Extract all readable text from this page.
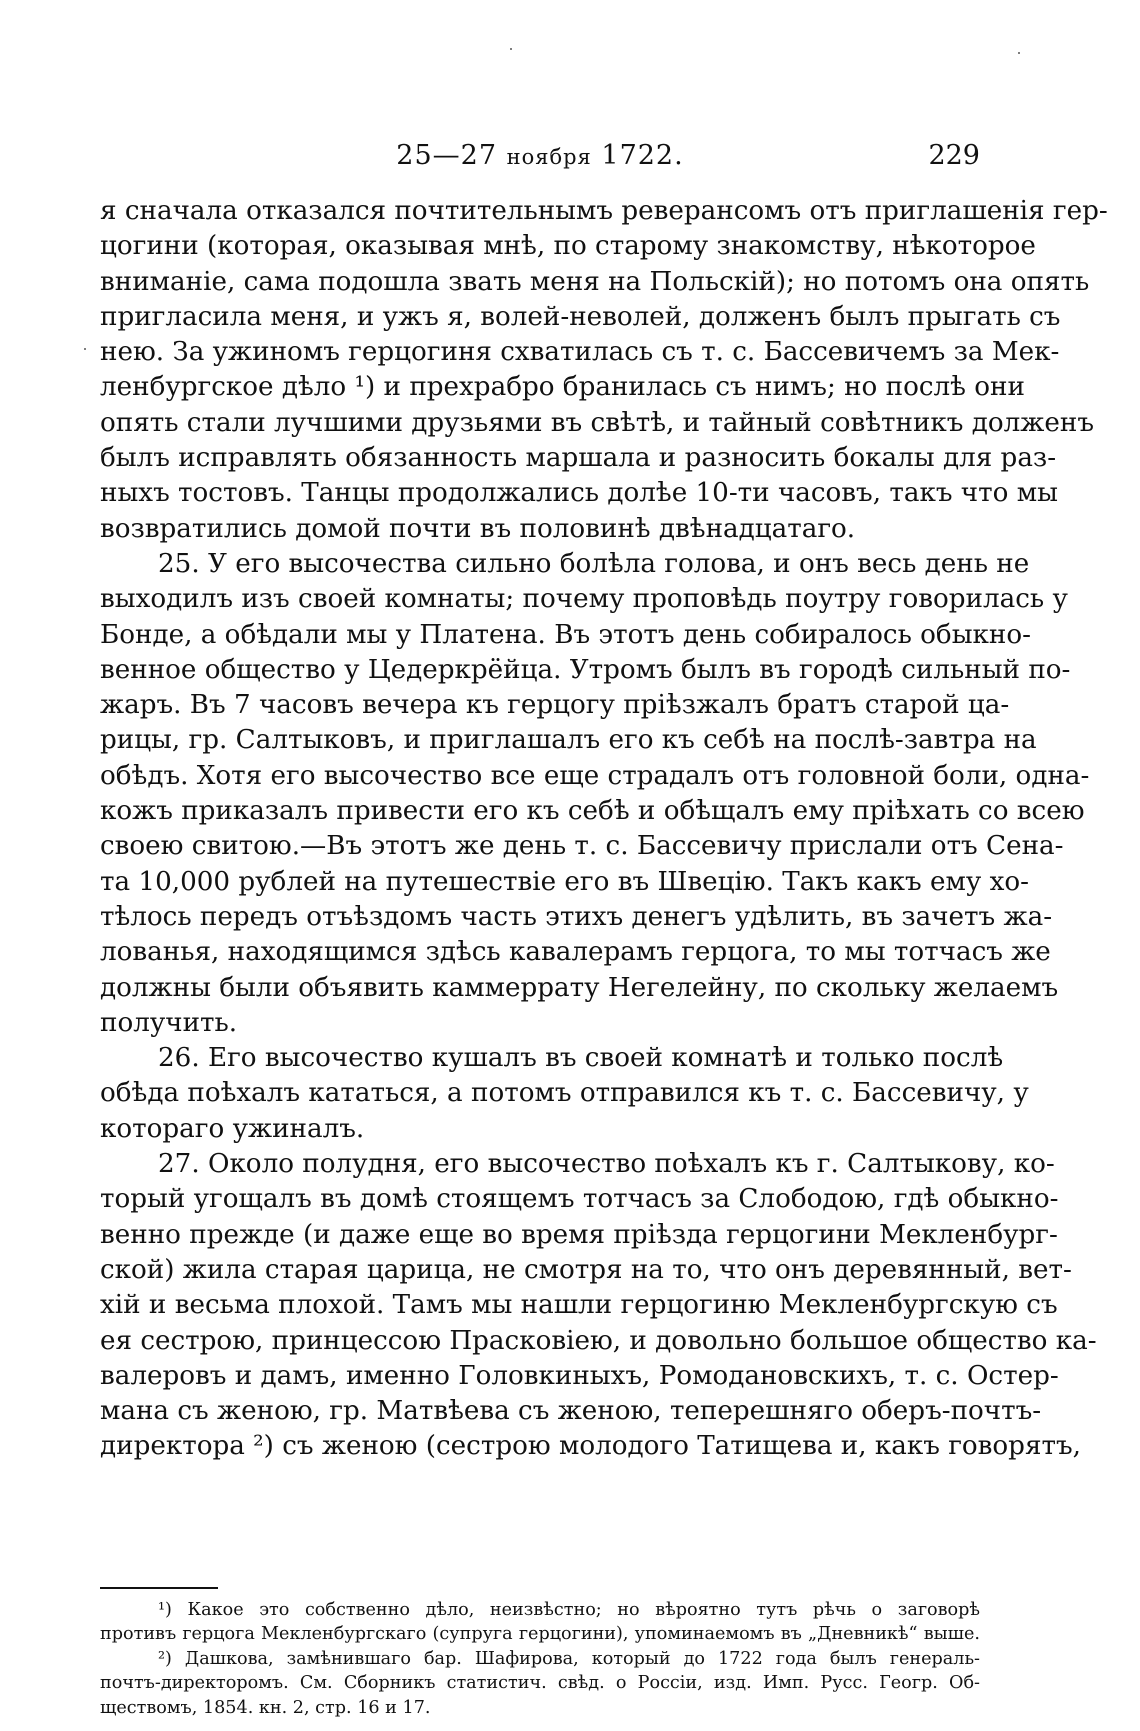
25—27 ноября 1722.	229
я сначала отказался почтительнымъ реверансомъ отъ приглашенія гер-
цогини (которая, оказывая мнѣ, по старому знакомству, нѣкоторое
вниманіе, сама подошла звать меня на Польскій); но потомъ она опять
пригласила меня, и ужъ я, волей-неволей, долженъ былъ прыгать съ
нею. За ужиномъ герцогиня схватилась съ т. с. Бассевичемъ за Мек-
ленбургское дѣло ¹) и прехрабро бранилась съ нимъ; но послѣ они
опять стали лучшими друзьями въ свѣтѣ, и тайный совѣтникъ долженъ
былъ исправлять обязанность маршала и разносить бокалы для раз-
ныхъ тостовъ. Танцы продолжались долѣе 10-ти часовъ, такъ что мы
возвратились домой почти въ половинѣ двѣнадцатаго.
25. У его высочества сильно болѣла голова, и онъ весь день не
выходилъ изъ своей комнаты; почему проповѣдь поутру говорилась у
Бонде, а обѣдали мы у Платена. Въ этотъ день собиралось обыкно-
венное общество у Цедеркрёйца. Утромъ былъ въ городѣ сильный по-
жаръ. Въ 7 часовъ вечера къ герцогу пріѣзжалъ братъ старой ца-
рицы, гр. Салтыковъ, и приглашалъ его къ себѣ на послѣ-завтра на
обѣдъ. Хотя его высочество все еще страдалъ отъ головной боли, одна-
кожъ приказалъ привести его къ себѣ и обѣщалъ ему пріѣхать со всею
своею свитою.—Въ этотъ же день т. с. Бассевичу прислали отъ Сена-
та 10,000 рублей на путешествіе его въ Швецію. Такъ какъ ему хо-
тѣлось передъ отъѣздомъ часть этихъ денегъ удѣлить, въ зачетъ жа-
лованья, находящимся здѣсь кавалерамъ герцога, то мы тотчасъ же
должны были объявить каммеррату Негелейну, по скольку желаемъ
получить.
26. Его высочество кушалъ въ своей комнатѣ и только послѣ
обѣда поѣхалъ кататься, а потомъ отправился къ т. с. Бассевичу, у
котораго ужиналъ.
27. Около полудня, его высочество поѣхалъ къ г. Салтыкову, ко-
торый угощалъ въ домѣ стоящемъ тотчасъ за Слободою, гдѣ обыкно-
венно прежде (и даже еще во время пріѣзда герцогини Мекленбург-
ской) жила старая царица, не смотря на то, что онъ деревянный, вет-
хій и весьма плохой. Тамъ мы нашли герцогиню Мекленбургскую съ
ея сестрою, принцессою Прасковіею, и довольно большое общество ка-
валеровъ и дамъ, именно Головкиныхъ, Ромодановскихъ, т. с. Остер-
мана съ женою, гр. Матвѣева съ женою, теперешняго оберъ-почтъ-
директора ²) съ женою (сестрою молодого Татищева и, какъ говорятъ,
¹) Какое это собственно дѣло, неизвѣстно; но вѣроятно тутъ рѣчь о заговорѣ
противъ герцога Мекленбургскаго (супруга герцогини), упоминаемомъ въ „Дневникѣ“ выше.
²) Дашкова, замѣнившаго бар. Шафирова, который до 1722 года былъ генераль-
почтъ-директоромъ. См. Сборникъ статистич. свѣд. о Россіи, изд. Имп. Русс. Геогр. Об-
ществомъ, 1854. кн. 2, стр. 16 и 17.
